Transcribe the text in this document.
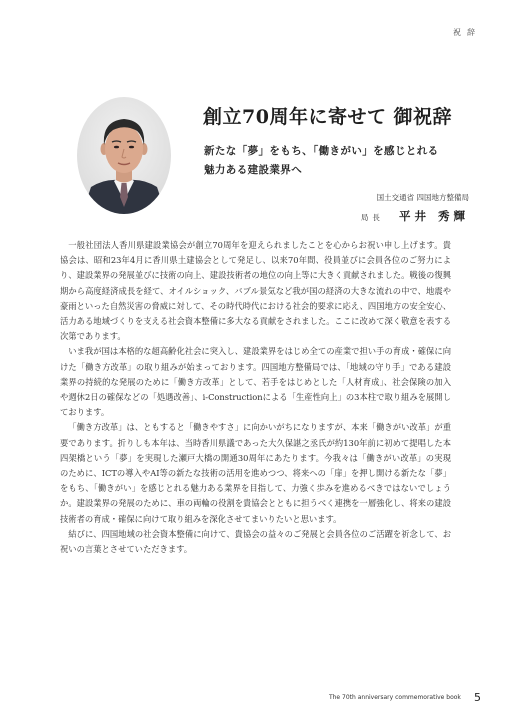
祝辞
創立70周年に寄せて 御祝辞
新たな「夢」をもち、「働きがい」を感じとれる
魅力ある建設業界へ
国土交通省 四国地方整備局
局長 平井 秀輝

一般社団法人香川県建設業協会が創立70周年を迎えられましたことを心からお祝い申し上げます。貴協会は、昭和23年4月に香川県土建協会として発足し、以来70年間、役員並びに会員各位のご努力により、建設業界の発展並びに技術の向上、建設技術者の地位の向上等に大きく貢献されました。戦後の復興期から高度経済成長を経て、オイルショック、バブル景気など我が国の経済の大きな流れの中で、地震や豪雨といった自然災害の脅威に対して、その時代時代における社会的要求に応え、四国地方の安全安心、活力ある地域づくりを支える社会資本整備に多大なる貢献をされました。ここに改めて深く敬意を表する次第であります。

いま我が国は本格的な超高齢化社会に突入し、建設業界をはじめ全ての産業で担い手の育成・確保に向けた「働き方改革」の取り組みが始まっております。四国地方整備局では、「地域の守り手」である建設業界の持続的な発展のために「働き方改革」として、若手をはじめとした「人材育成」、社会保険の加入や週休2日の確保などの「処遇改善」、i-Constructionによる「生産性向上」の3本柱で取り組みを展開しております。

「働き方改革」は、ともすると「働きやすさ」に向かいがちになりますが、本来「働きがい改革」が重要であります。折りしも本年は、当時香川県議であった大久保諶之丞氏が約130年前に初めて提唱した本四架橋という「夢」を実現した瀬戸大橋の開通30周年にあたります。今我々は「働きがい改革」の実現のために、ICTの導入やAI等の新たな技術の活用を進めつつ、将来への「扉」を押し開ける新たな「夢」をもち、「働きがい」を感じとれる魅力ある業界を目指して、力強く歩みを進めるべきではないでしょうか。建設業界の発展のために、車の両輪の役割を貴協会とともに担うべく連携を一層強化し、将来の建設技術者の育成・確保に向けて取り組みを深化させてまいりたいと思います。

結びに、四国地域の社会資本整備に向けて、貴協会の益々のご発展と会員各位のご活躍を祈念して、お祝いの言葉とさせていただきます。

The 70th anniversary commemorative book 5
